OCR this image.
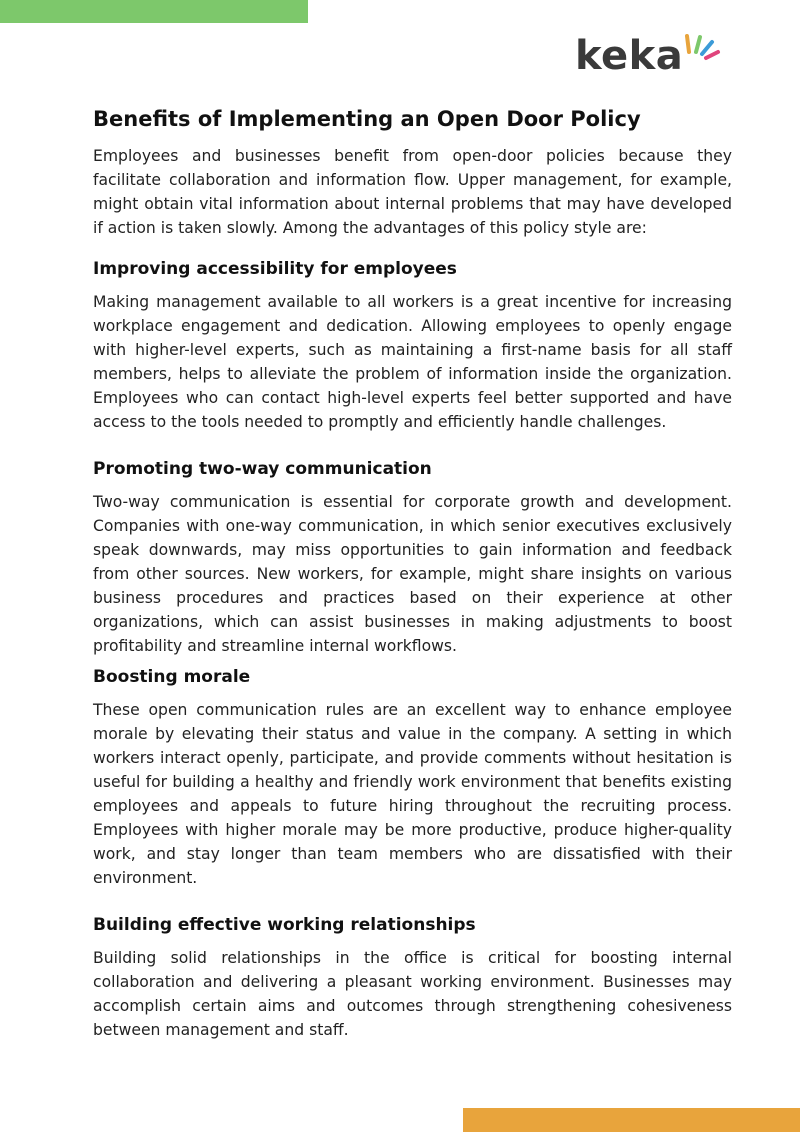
keka
Benefits of Implementing an Open Door Policy

Employees and businesses benefit from open-door policies because they facilitate collaboration and information flow. Upper management, for example, might obtain vital information about internal problems that may have developed if action is taken slowly. Among the advantages of this policy style are:

Improving accessibility for employees

Making management available to all workers is a great incentive for increasing workplace engagement and dedication. Allowing employees to openly engage with higher-level experts, such as maintaining a first-name basis for all staff members, helps to alleviate the problem of information inside the organization. Employees who can contact high-level experts feel better supported and have access to the tools needed to promptly and efficiently handle challenges.

Promoting two-way communication

Two-way communication is essential for corporate growth and development. Companies with one-way communication, in which senior executives exclusively speak downwards, may miss opportunities to gain information and feedback from other sources. New workers, for example, might share insights on various business procedures and practices based on their experience at other organizations, which can assist businesses in making adjustments to boost profitability and streamline internal workflows.

Boosting morale

These open communication rules are an excellent way to enhance employee morale by elevating their status and value in the company. A setting in which workers interact openly, participate, and provide comments without hesitation is useful for building a healthy and friendly work environment that benefits existing employees and appeals to future hiring throughout the recruiting process. Employees with higher morale may be more productive, produce higher-quality work, and stay longer than team members who are dissatisfied with their environment.

Building effective working relationships

Building solid relationships in the office is critical for boosting internal collaboration and delivering a pleasant working environment. Businesses may accomplish certain aims and outcomes through strengthening cohesiveness between management and staff.
